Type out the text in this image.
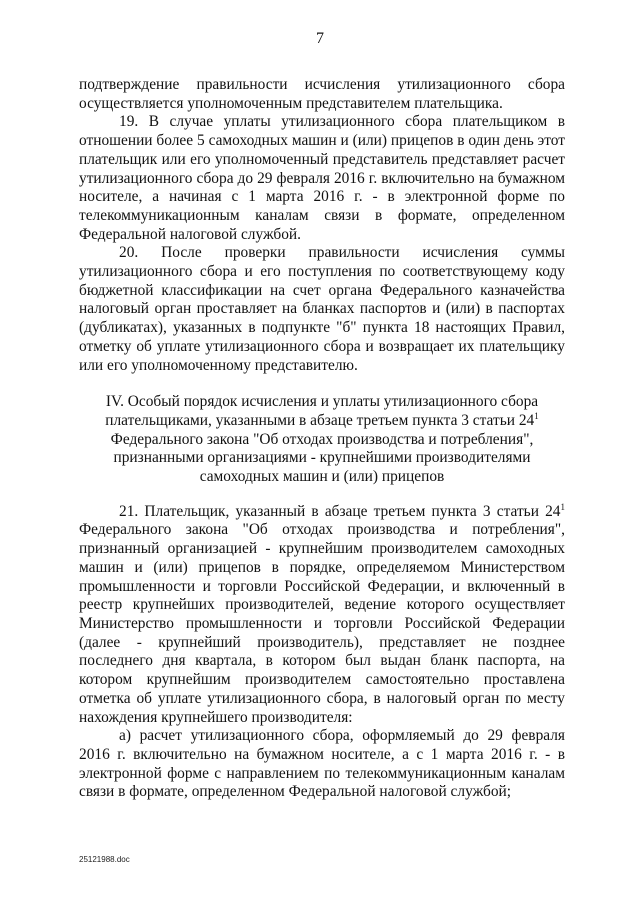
7

подтверждение правильности исчисления утилизационного сбора осуществляется уполномоченным представителем плательщика.

19. В случае уплаты утилизационного сбора плательщиком в отношении более 5 самоходных машин и (или) прицепов в один день этот плательщик или его уполномоченный представитель представляет расчет утилизационного сбора до 29 февраля 2016 г. включительно на бумажном носителе, а начиная с 1 марта 2016 г. - в электронной форме по телекоммуникационным каналам связи в формате, определенном Федеральной налоговой службой.

20. После проверки правильности исчисления суммы утилизационного сбора и его поступления по соответствующему коду бюджетной классификации на счет органа Федерального казначейства налоговый орган проставляет на бланках паспортов и (или) в паспортах (дубликатах), указанных в подпункте "б" пункта 18 настоящих Правил, отметку об уплате утилизационного сбора и возвращает их плательщику или его уполномоченному представителю.

IV. Особый порядок исчисления и уплаты утилизационного сбора плательщиками, указанными в абзаце третьем пункта 3 статьи $24^1$ Федерального закона "Об отходах производства и потребления", признанными организациями - крупнейшими производителями самоходных машин и (или) прицепов

21. Плательщик, указанный в абзаце третьем пункта 3 статьи $24^1$ Федерального закона "Об отходах производства и потребления", признанный организацией - крупнейшим производителем самоходных машин и (или) прицепов в порядке, определяемом Министерством промышленности и торговли Российской Федерации, и включенный в реестр крупнейших производителей, ведение которого осуществляет Министерство промышленности и торговли Российской Федерации (далее - крупнейший производитель), представляет не позднее последнего дня квартала, в котором был выдан бланк паспорта, на котором крупнейшим производителем самостоятельно проставлена отметка об уплате утилизационного сбора, в налоговый орган по месту нахождения крупнейшего производителя:

а) расчет утилизационного сбора, оформляемый до 29 февраля 2016 г. включительно на бумажном носителе, а с 1 марта 2016 г. - в электронной форме с направлением по телекоммуникационным каналам связи в формате, определенном Федеральной налоговой службой;

25121988.doc
